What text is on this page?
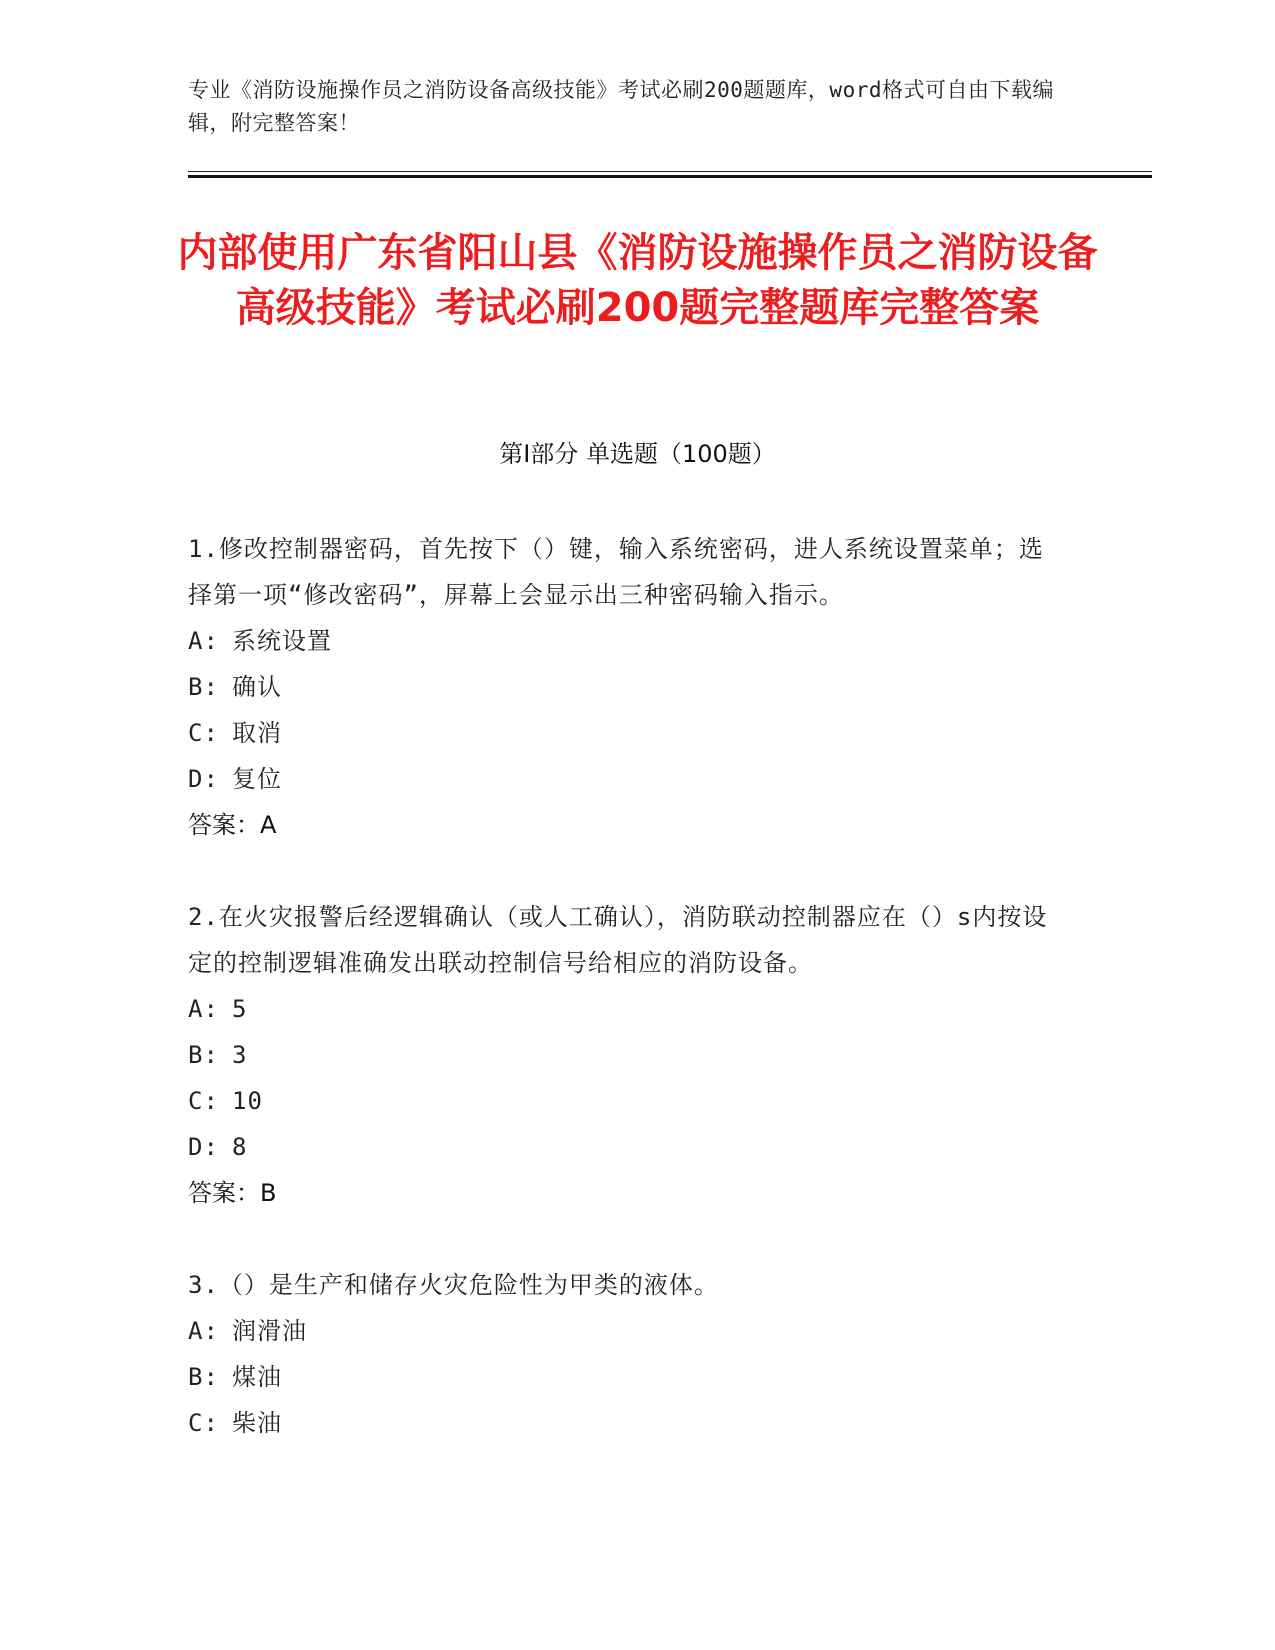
专业《消防设施操作员之消防设备高级技能》考试必刷200题题库，word格式可自由下载编辑，附完整答案！
内部使用广东省阳山县《消防设施操作员之消防设备高级技能》考试必刷200题完整题库完整答案
第I部分 单选题（100题）

1.修改控制器密码，首先按下（）键，输入系统密码，进人系统设置菜单；选择第一项“修改密码”，屏幕上会显示出三种密码输入指示。

A: 系统设置
B: 确认
C: 取消
D: 复位

答案：A

2.在火灾报警后经逻辑确认（或人工确认），消防联动控制器应在（）s内按设定的控制逻辑准确发出联动控制信号给相应的消防设备。

A: 5
B: 3
C: 10
D: 8

答案：B

3.（）是生产和储存火灾危险性为甲类的液体。

A: 润滑油
B: 煤油
C: 柴油
